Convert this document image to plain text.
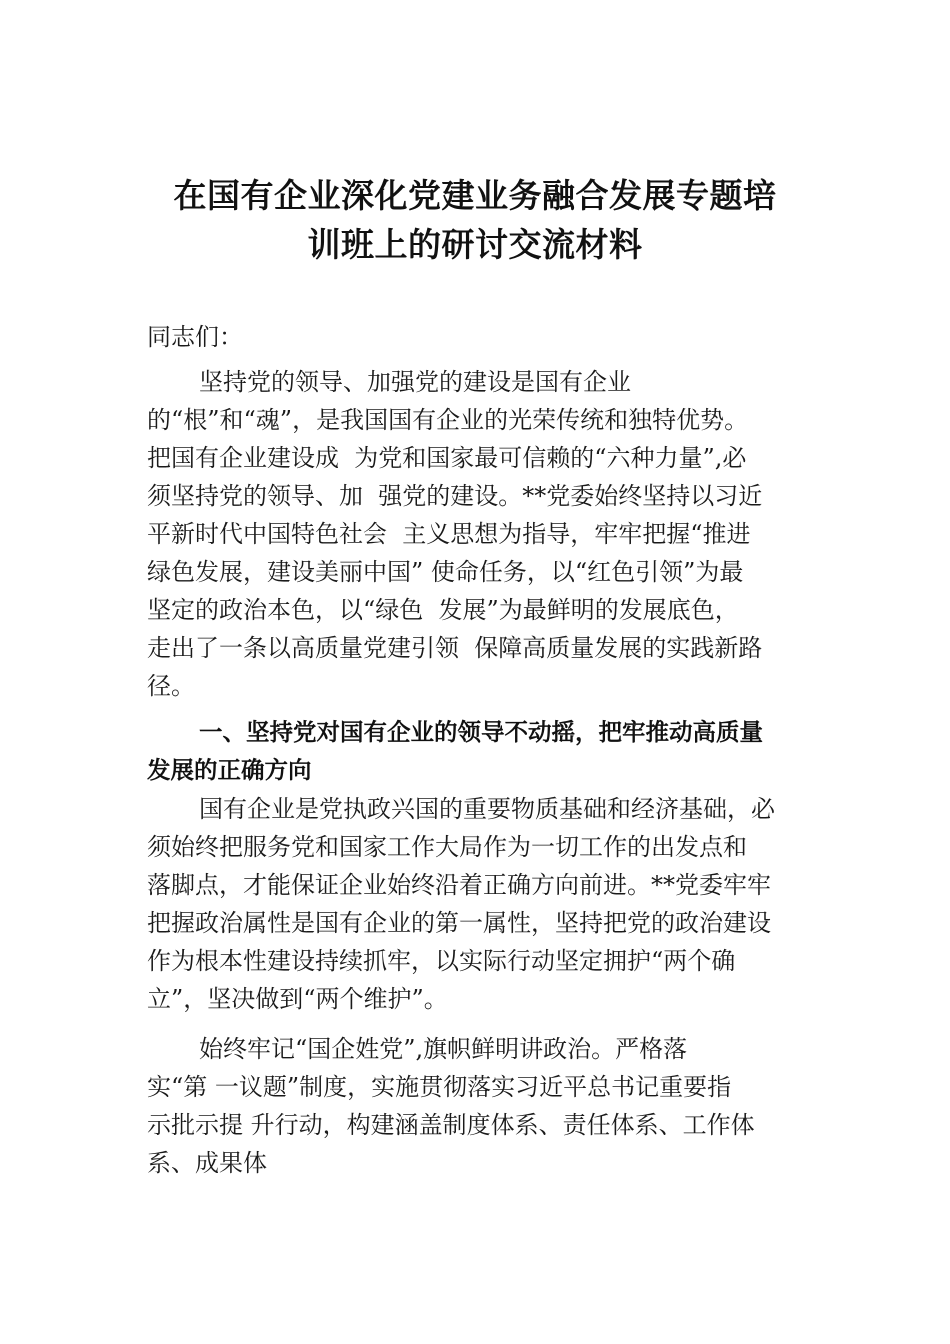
在国有企业深化党建业务融合发展专题培
训班上的研讨交流材料
同志们：
坚持党的领导、加强党的建设是国有企业
的“根”和“魂”，是我国国有企业的光荣传统和独特优势。
把国有企业建设成  为党和国家最可信赖的“六种力量”,必
须坚持党的领导、加  强党的建设。**党委始终坚持以习近
平新时代中国特色社会  主义思想为指导，牢牢把握“推进
绿色发展，建设美丽中国” 使命任务，以“红色引领”为最
坚定的政治本色，以“绿色  发展”为最鲜明的发展底色，
走出了一条以高质量党建引领  保障高质量发展的实践新路
径。
一、坚持党对国有企业的领导不动摇，把牢推动高质量
发展的正确方向
国有企业是党执政兴国的重要物质基础和经济基础，必
须始终把服务党和国家工作大局作为一切工作的出发点和
落脚点，才能保证企业始终沿着正确方向前进。**党委牢牢
把握政治属性是国有企业的第一属性，坚持把党的政治建设
作为根本性建设持续抓牢，以实际行动坚定拥护“两个确
立”，坚决做到“两个维护”。
始终牢记“国企姓党”,旗帜鲜明讲政治。严格落
实“第 一议题”制度，实施贯彻落实习近平总书记重要指
示批示提 升行动，构建涵盖制度体系、责任体系、工作体
系、成果体
